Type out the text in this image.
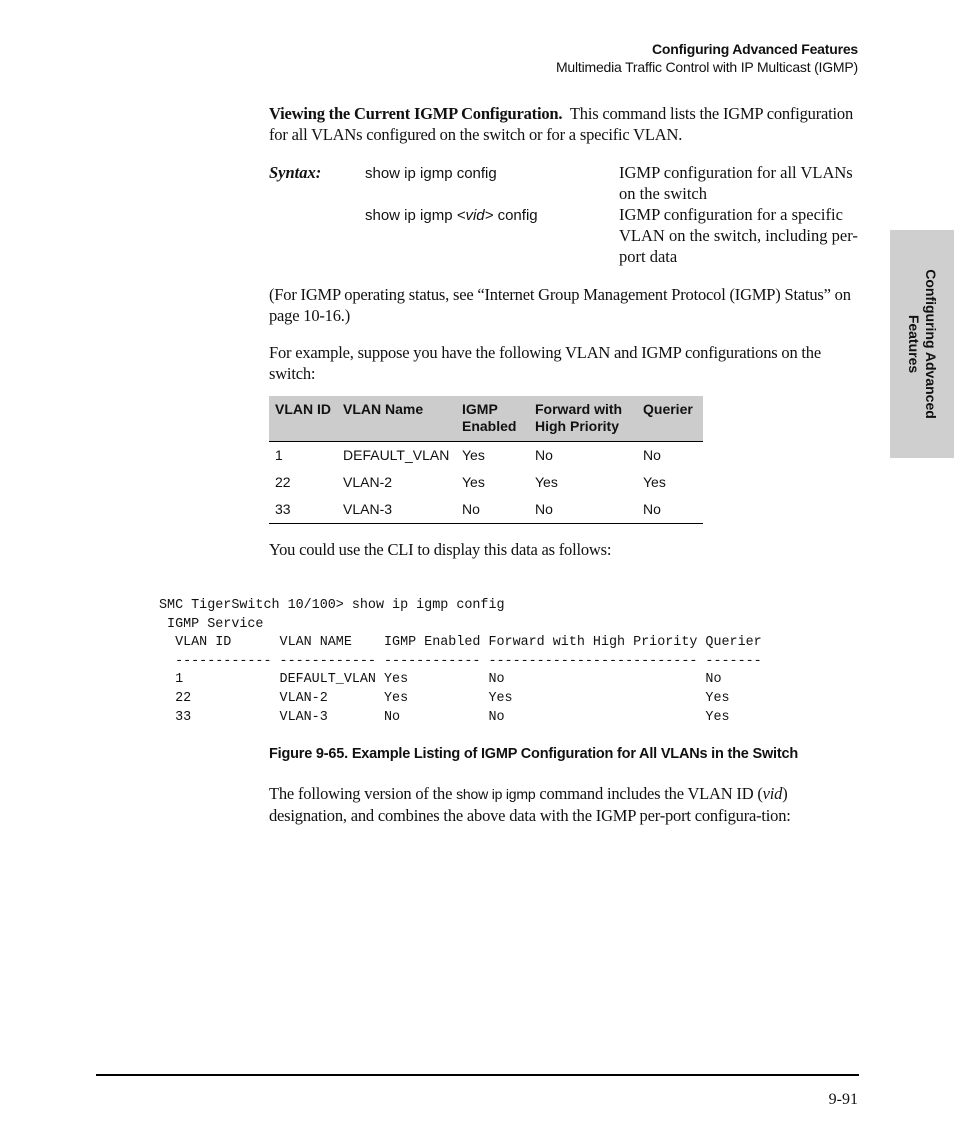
Configuring Advanced Features
Multimedia Traffic Control with IP Multicast (IGMP)
Configuring Advanced
Features
Viewing the Current IGMP Configuration. This command lists the IGMP configuration for all VLANs configured on the switch or for a specific VLAN.
Syntax:	show ip igmp config	IGMP configuration for all VLANs on the switch
show ip igmp <vid> config	IGMP configuration for a specific VLAN on the switch, including per-port data
(For IGMP operating status, see “Internet Group Management Protocol (IGMP) Status” on page 10-16.)
For example, suppose you have the following VLAN and IGMP configurations on the switch:
VLAN ID	VLAN Name	IGMP Enabled	Forward with High Priority	Querier
1	DEFAULT_VLAN	Yes	No	No
22	VLAN-2	Yes	Yes	Yes
33	VLAN-3	No	No	No
You could use the CLI to display this data as follows:
SMC TigerSwitch 10/100> show ip igmp config
IGMP Service
VLAN ID      VLAN NAME    IGMP Enabled Forward with High Priority Querier
------------ ------------ ------------ -------------------------- -------
1            DEFAULT_VLAN Yes          No                         No
22           VLAN-2       Yes          Yes                        Yes
33           VLAN-3       No           No                         Yes
Figure 9-65. Example Listing of IGMP Configuration for All VLANs in the Switch
The following version of the show ip igmp command includes the VLAN ID (vid) designation, and combines the above data with the IGMP per-port configura-tion:
9-91
